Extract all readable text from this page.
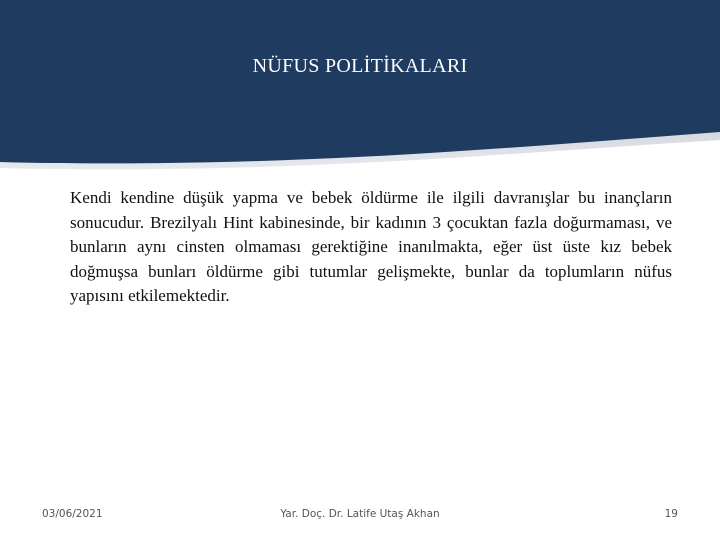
NÜFUS POLİTİKALARI
Kendi kendine düşük yapma ve bebek öldürme ile ilgili davranışlar bu inançların sonucudur. Brezilyalı Hint kabinesinde, bir kadının 3 çocuktan fazla doğurmaması, ve bunların aynı cinsten olmaması gerektiğine inanılmakta, eğer üst üste kız bebek doğmuşsa bunları öldürme gibi tutumlar gelişmekte, bunlar da toplumların nüfus yapısını etkilemektedir.
03/06/2021	Yar. Doç. Dr. Latife Utaş Akhan	19
